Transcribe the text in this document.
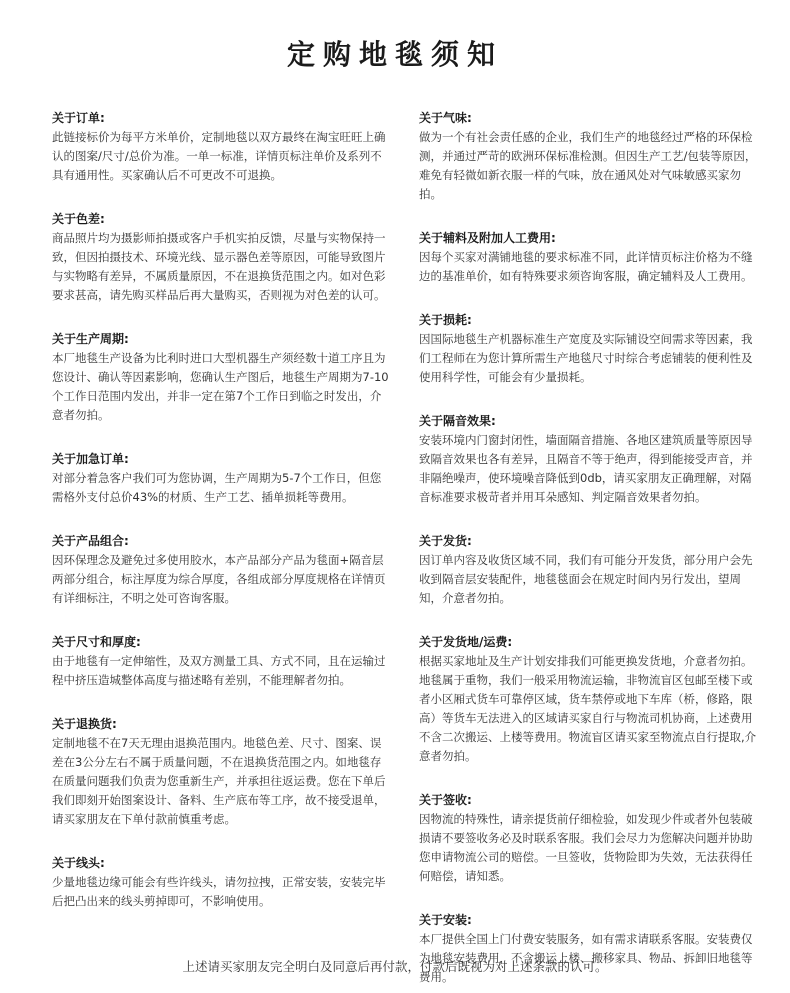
定购地毯须知

关于订单:

此链接标价为每平方米单价，定制地毯以双方最终在淘宝旺旺上确认的图案/尺寸/总价为准。一单一标准，详情页标注单价及系列不具有通用性。买家确认后不可更改不可退换。

关于色差:

商品照片均为摄影师拍摄或客户手机实拍反馈，尽量与实物保持一致，但因拍摄技术、环境光线、显示器色差等原因，可能导致图片与实物略有差异，不属质量原因，不在退换货范围之内。如对色彩要求甚高，请先购买样品后再大量购买，否则视为对色差的认可。

关于生产周期:

本厂地毯生产设备为比利时进口大型机器生产须经数十道工序且为您设计、确认等因素影响，您确认生产图后，地毯生产周期为7-10个工作日范围内发出，并非一定在第7个工作日到临之时发出，介意者勿拍。

关于加急订单:

对部分着急客户我们可为您协调，生产周期为5-7个工作日，但您需格外支付总价43%的材质、生产工艺、插单损耗等费用。

关于产品组合:

因环保理念及避免过多使用胶水，本产品部分产品为毯面+隔音层两部分组合，标注厚度为综合厚度，各组成部分厚度规格在详情页有详细标注，不明之处可咨询客服。

关于尺寸和厚度:

由于地毯有一定伸缩性，及双方测量工具、方式不同，且在运输过程中挤压造城整体高度与描述略有差别，不能理解者勿拍。

关于退换货:

定制地毯不在7天无理由退换范围内。地毯色差、尺寸、图案、误差在3公分左右不属于质量问题，不在退换货范围之内。如地毯存在质量问题我们负责为您重新生产，并承担往返运费。您在下单后我们即刻开始图案设计、备料、生产底布等工序，故不接受退单，请买家朋友在下单付款前慎重考虑。

关于线头:

少量地毯边缘可能会有些许线头，请勿拉拽，正常安装，安装完毕后把凸出来的线头剪掉即可，不影响使用。

关于气味:

做为一个有社会责任感的企业，我们生产的地毯经过严格的环保检测，并通过严苛的欧洲环保标准检测。但因生产工艺/包装等原因，难免有轻微如新衣服一样的气味，放在通风处对气味敏感买家勿拍。

关于辅料及附加人工费用:

因每个买家对满铺地毯的要求标准不同，此详情页标注价格为不缝边的基准单价，如有特殊要求须咨询客服，确定辅料及人工费用。

关于损耗:

因国际地毯生产机器标准生产宽度及实际铺设空间需求等因素，我们工程师在为您计算所需生产地毯尺寸时综合考虑铺装的便利性及使用科学性，可能会有少量损耗。

关于隔音效果:

安装环境内门窗封闭性，墙面隔音措施、各地区建筑质量等原因导致隔音效果也各有差异，且隔音不等于绝声，得到能接受声音，并非隔绝噪声，使环境噪音降低到0db，请买家朋友正确理解，对隔音标准要求极苛者并用耳朵感知、判定隔音效果者勿拍。

关于发货:

因订单内容及收货区域不同，我们有可能分开发货，部分用户会先收到隔音层安装配件，地毯毯面会在规定时间内另行发出，望周知，介意者勿拍。

关于发货地/运费:

根据买家地址及生产计划安排我们可能更换发货地，介意者勿拍。地毯属于重物，我们一般采用物流运输，非物流盲区包邮至楼下或者小区厢式货车可靠停区域，货车禁停或地下车库（桥，修路，限高）等货车无法进入的区域请买家自行与物流司机协商，上述费用不含二次搬运、上楼等费用。物流盲区请买家至物流点自行提取,介意者勿拍。

关于签收:

因物流的特殊性，请亲提货前仔细检验，如发现少件或者外包装破损请不要签收务必及时联系客服。我们会尽力为您解决问题并协助您申请物流公司的赔偿。一旦签收，货物险即为失效，无法获得任何赔偿，请知悉。

关于安装:

本厂提供全国上门付费安装服务，如有需求请联系客服。安装费仅为地毯安装费用，不含搬运上楼、搬移家具、物品、拆卸旧地毯等费用。

上述请买家朋友完全明白及同意后再付款，付款后既视为对上述条款的认可。
